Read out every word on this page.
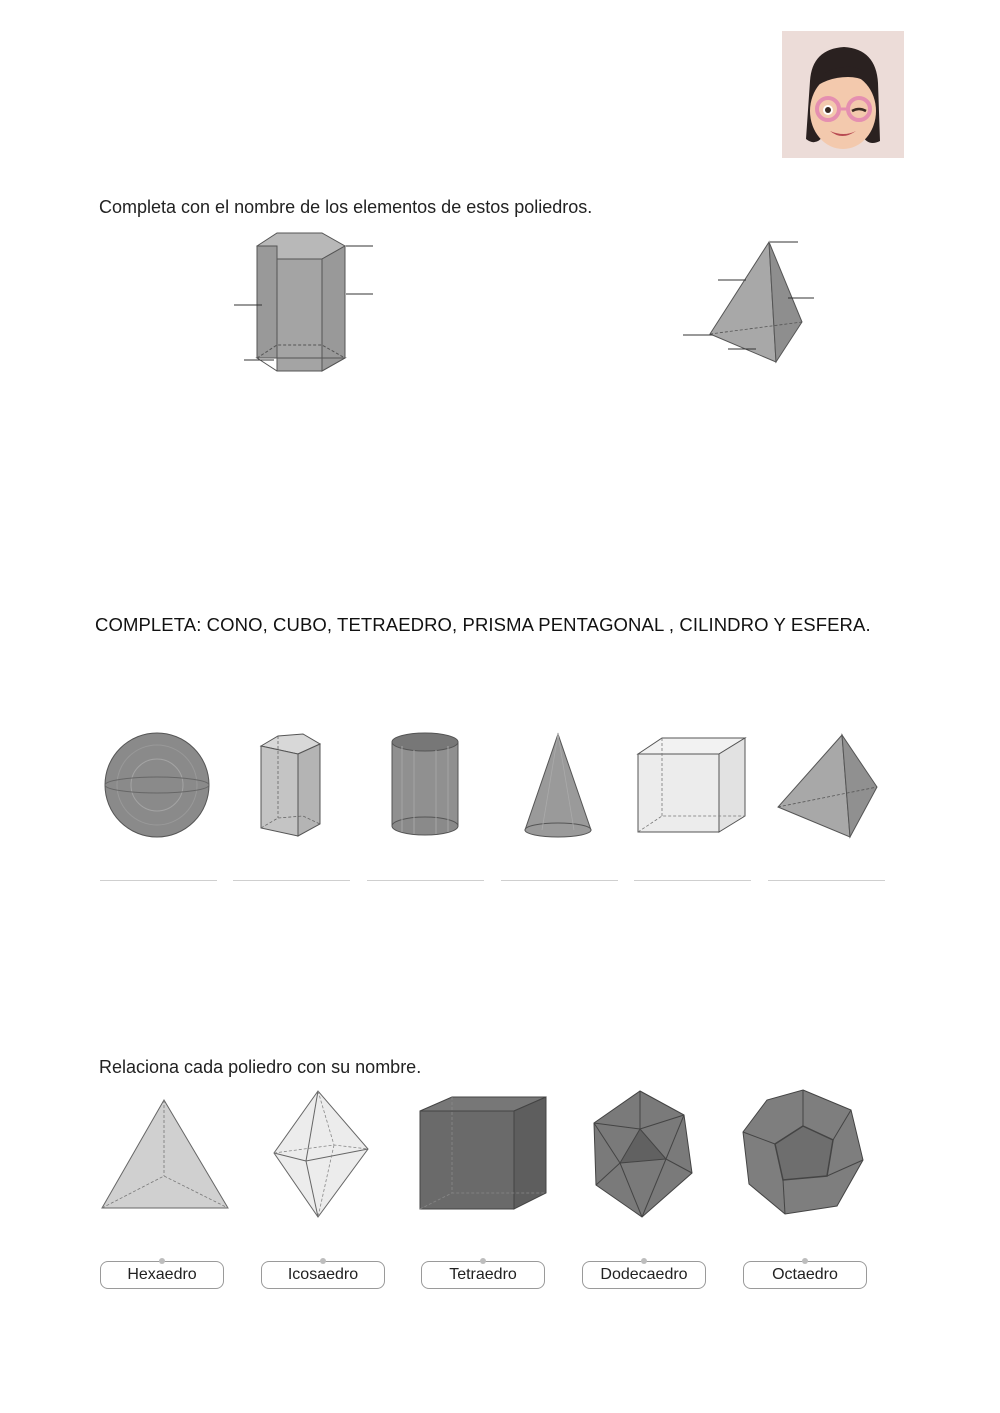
Completa con el nombre de los elementos de estos poliedros.
COMPLETA: CONO, CUBO, TETRAEDRO, PRISMA PENTAGONAL , CILINDRO Y ESFERA.
Relaciona cada poliedro con su nombre.
Hexaedro	Icosaedro	Tetraedro	Dodecaedro	Octaedro
